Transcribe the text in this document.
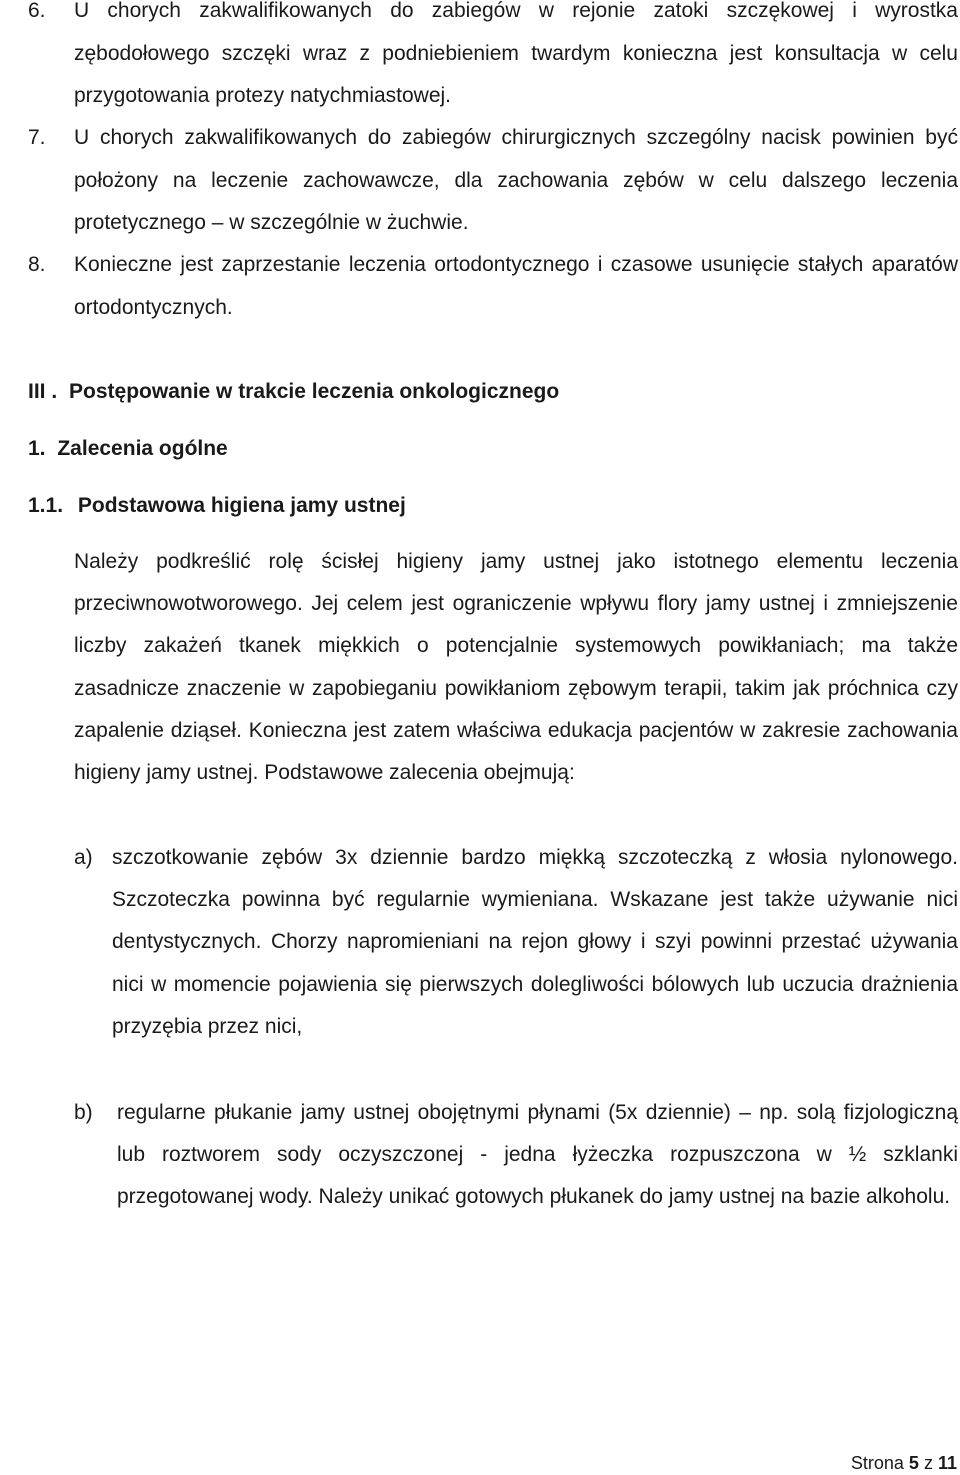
6. U chorych zakwalifikowanych do zabiegów w rejonie zatoki szczękowej i wyrostka zębodołowego szczęki wraz z podniebieniem twardym konieczna jest konsultacja w celu przygotowania protezy natychmiastowej.
7. U chorych zakwalifikowanych do zabiegów chirurgicznych szczególny nacisk powinien być położony na leczenie zachowawcze, dla zachowania zębów w celu dalszego leczenia protetycznego – w szczególnie w żuchwie.
8. Konieczne jest zaprzestanie leczenia ortodontycznego i czasowe usunięcie stałych aparatów ortodontycznych.
III . Postępowanie w trakcie leczenia onkologicznego
1. Zalecenia ogólne
1.1. Podstawowa higiena jamy ustnej
Należy podkreślić rolę ścisłej higieny jamy ustnej jako istotnego elementu leczenia przeciwnowotworowego. Jej celem jest ograniczenie wpływu flory jamy ustnej i zmniejszenie liczby zakażeń tkanek miękkich o potencjalnie systemowych powikłaniach; ma także zasadnicze znaczenie w zapobieganiu powikłaniom zębowym terapii, takim jak próchnica czy zapalenie dziąseł. Konieczna jest zatem właściwa edukacja pacjentów w zakresie zachowania higieny jamy ustnej. Podstawowe zalecenia obejmują:
a) szczotkowanie zębów 3x dziennie bardzo miękką szczoteczką z włosia nylonowego. Szczoteczka powinna być regularnie wymieniana. Wskazane jest także używanie nici dentystycznych. Chorzy napromieniani na rejon głowy i szyi powinni przestać używania nici w momencie pojawienia się pierwszych dolegliwości bólowych lub uczucia drażnienia przyzębia przez nici,
b) regularne płukanie jamy ustnej obojętnymi płynami (5x dziennie) – np. solą fizjologiczną lub roztworem sody oczyszczonej - jedna łyżeczka rozpuszczona w ½ szklanki przegotowanej wody. Należy unikać gotowych płukanek do jamy ustnej na bazie alkoholu.
Strona 5 z 11
